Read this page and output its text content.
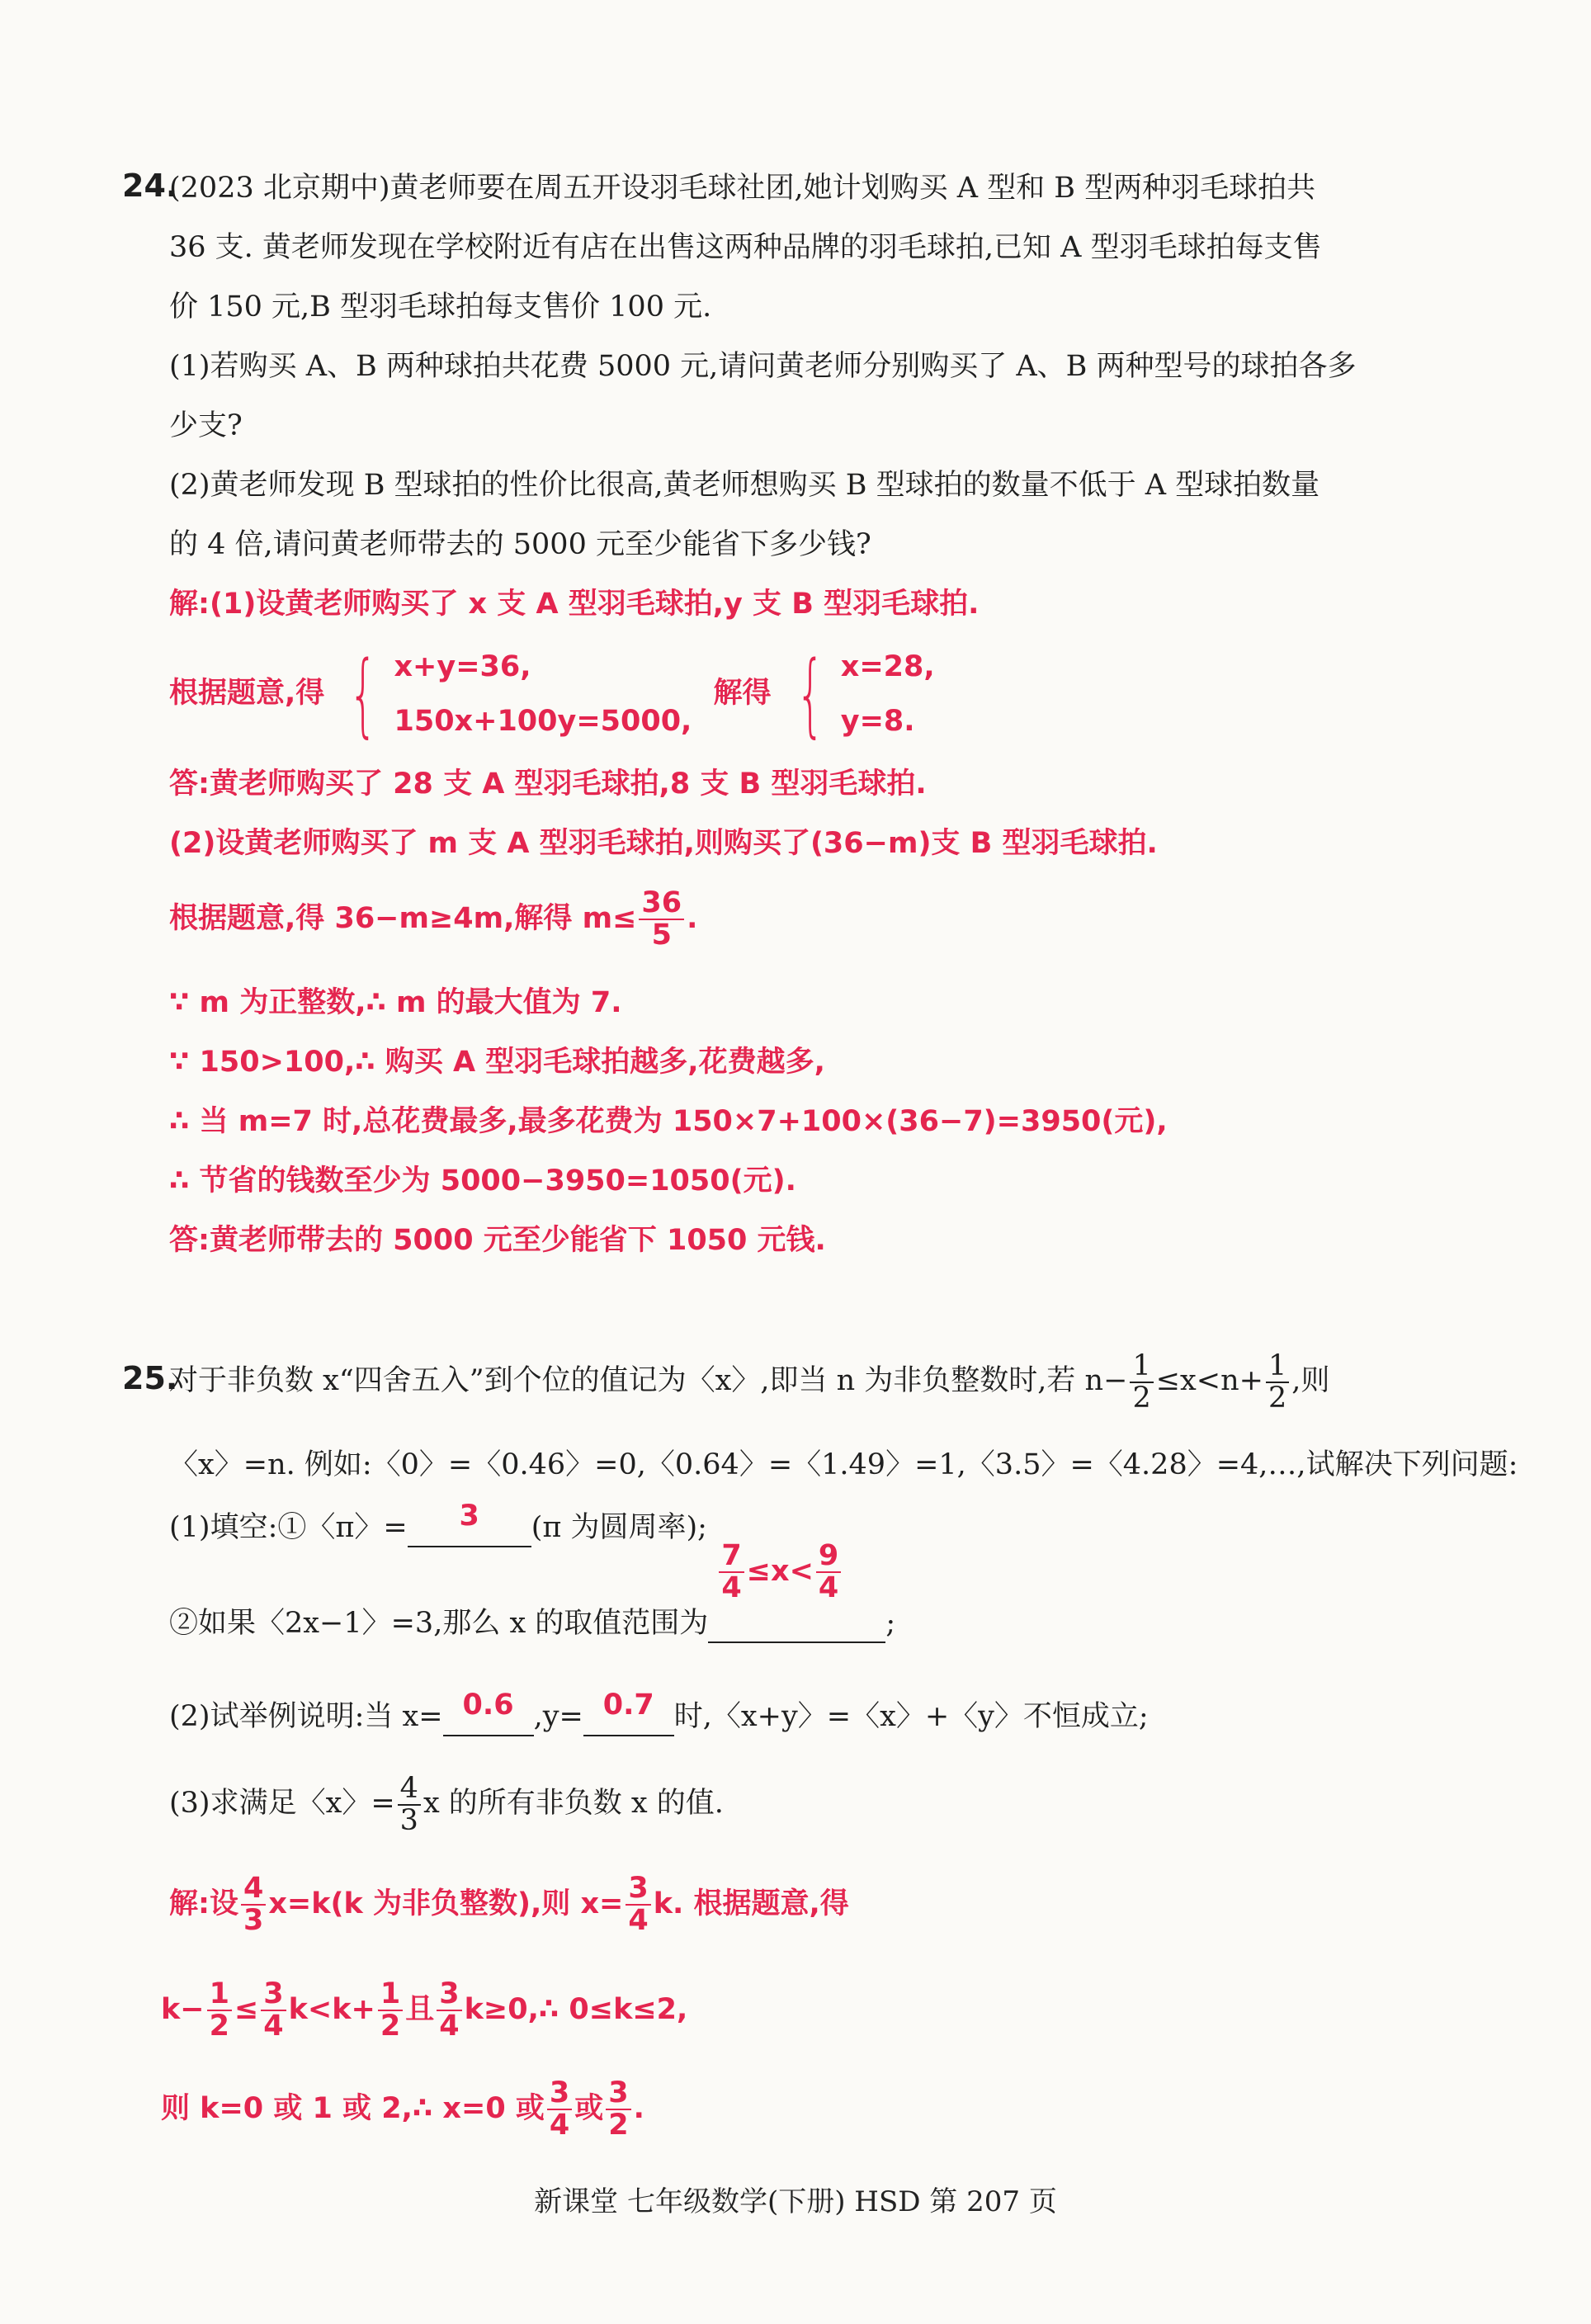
24.
(2023 北京期中)黄老师要在周五开设羽毛球社团,她计划购买 A 型和 B 型两种羽毛球拍共
36 支. 黄老师发现在学校附近有店在出售这两种品牌的羽毛球拍,已知 A 型羽毛球拍每支售
价 150 元,B 型羽毛球拍每支售价 100 元.
(1)若购买 A、B 两种球拍共花费 5000 元,请问黄老师分别购买了 A、B 两种型号的球拍各多
少支?
(2)黄老师发现 B 型球拍的性价比很高,黄老师想购买 B 型球拍的数量不低于 A 型球拍数量
的 4 倍,请问黄老师带去的 5000 元至少能省下多少钱?
解:(1)设黄老师购买了 x 支 A 型羽毛球拍,y 支 B 型羽毛球拍.
根据题意,得 { x+y=36,
150x+100y=5000,
解得 { x=28,
y=8.
答:黄老师购买了 28 支 A 型羽毛球拍,8 支 B 型羽毛球拍.
(2)设黄老师购买了 m 支 A 型羽毛球拍,则购买了(36−m)支 B 型羽毛球拍.
根据题意,得 36−m≥4m,解得 $m\le \frac{36}{5}$ .
∵ m 为正整数,∴ m 的最大值为 7.
∵ 150>100,∴ 购买 A 型羽毛球拍越多,花费越多,
∴ 当 m=7 时,总花费最多,最多花费为 150×7+100×(36−7)=3950(元),
∴ 节省的钱数至少为 5000−3950=1050(元).
答:黄老师带去的 5000 元至少能省下 1050 元钱.
25.
对于非负数 x“四舍五入”到个位的值记为〈x〉,即当 n 为非负整数时,若 $n- \frac{1}{2} \le x<n+ \frac{1}{2}$ ,则
〈x〉=n. 例如:〈0〉=〈0.46〉=0,〈0.64〉=〈1.49〉=1,〈3.5〉=〈4.28〉=4,…,试解决下列问题:
(1)填空:①〈π〉= 3 (π 为圆周率);
②如果〈2x−1〉=3,那么 x 的取值范围为
$\frac{7}{4} \le x< \frac{9}{4}$
;
(2)试举例说明:当 x= 0.6 ,y= 0.7 时,〈x+y〉=〈x〉+〈y〉不恒成立;
(3)求满足〈x〉= $\frac{4}{3}$ x 的所有非负数 x 的值.
解:设 $\frac{4}{3} x=k(k$ 为非负整数),则 $x= \frac{3}{4} k$. 根据题意,得
$k- \frac{1}{2} \le \frac{3}{4} k<k+ \frac{1}{2}$ 且 $\frac{3}{4}$ k≥0,∴ 0≤k≤2,
则 k=0 或 1 或 2,∴ x=0 或 $\frac{3}{4}$ 或 $\frac{3}{2}$ .
新课堂 七年级数学(下册) HSD 第 207 页
